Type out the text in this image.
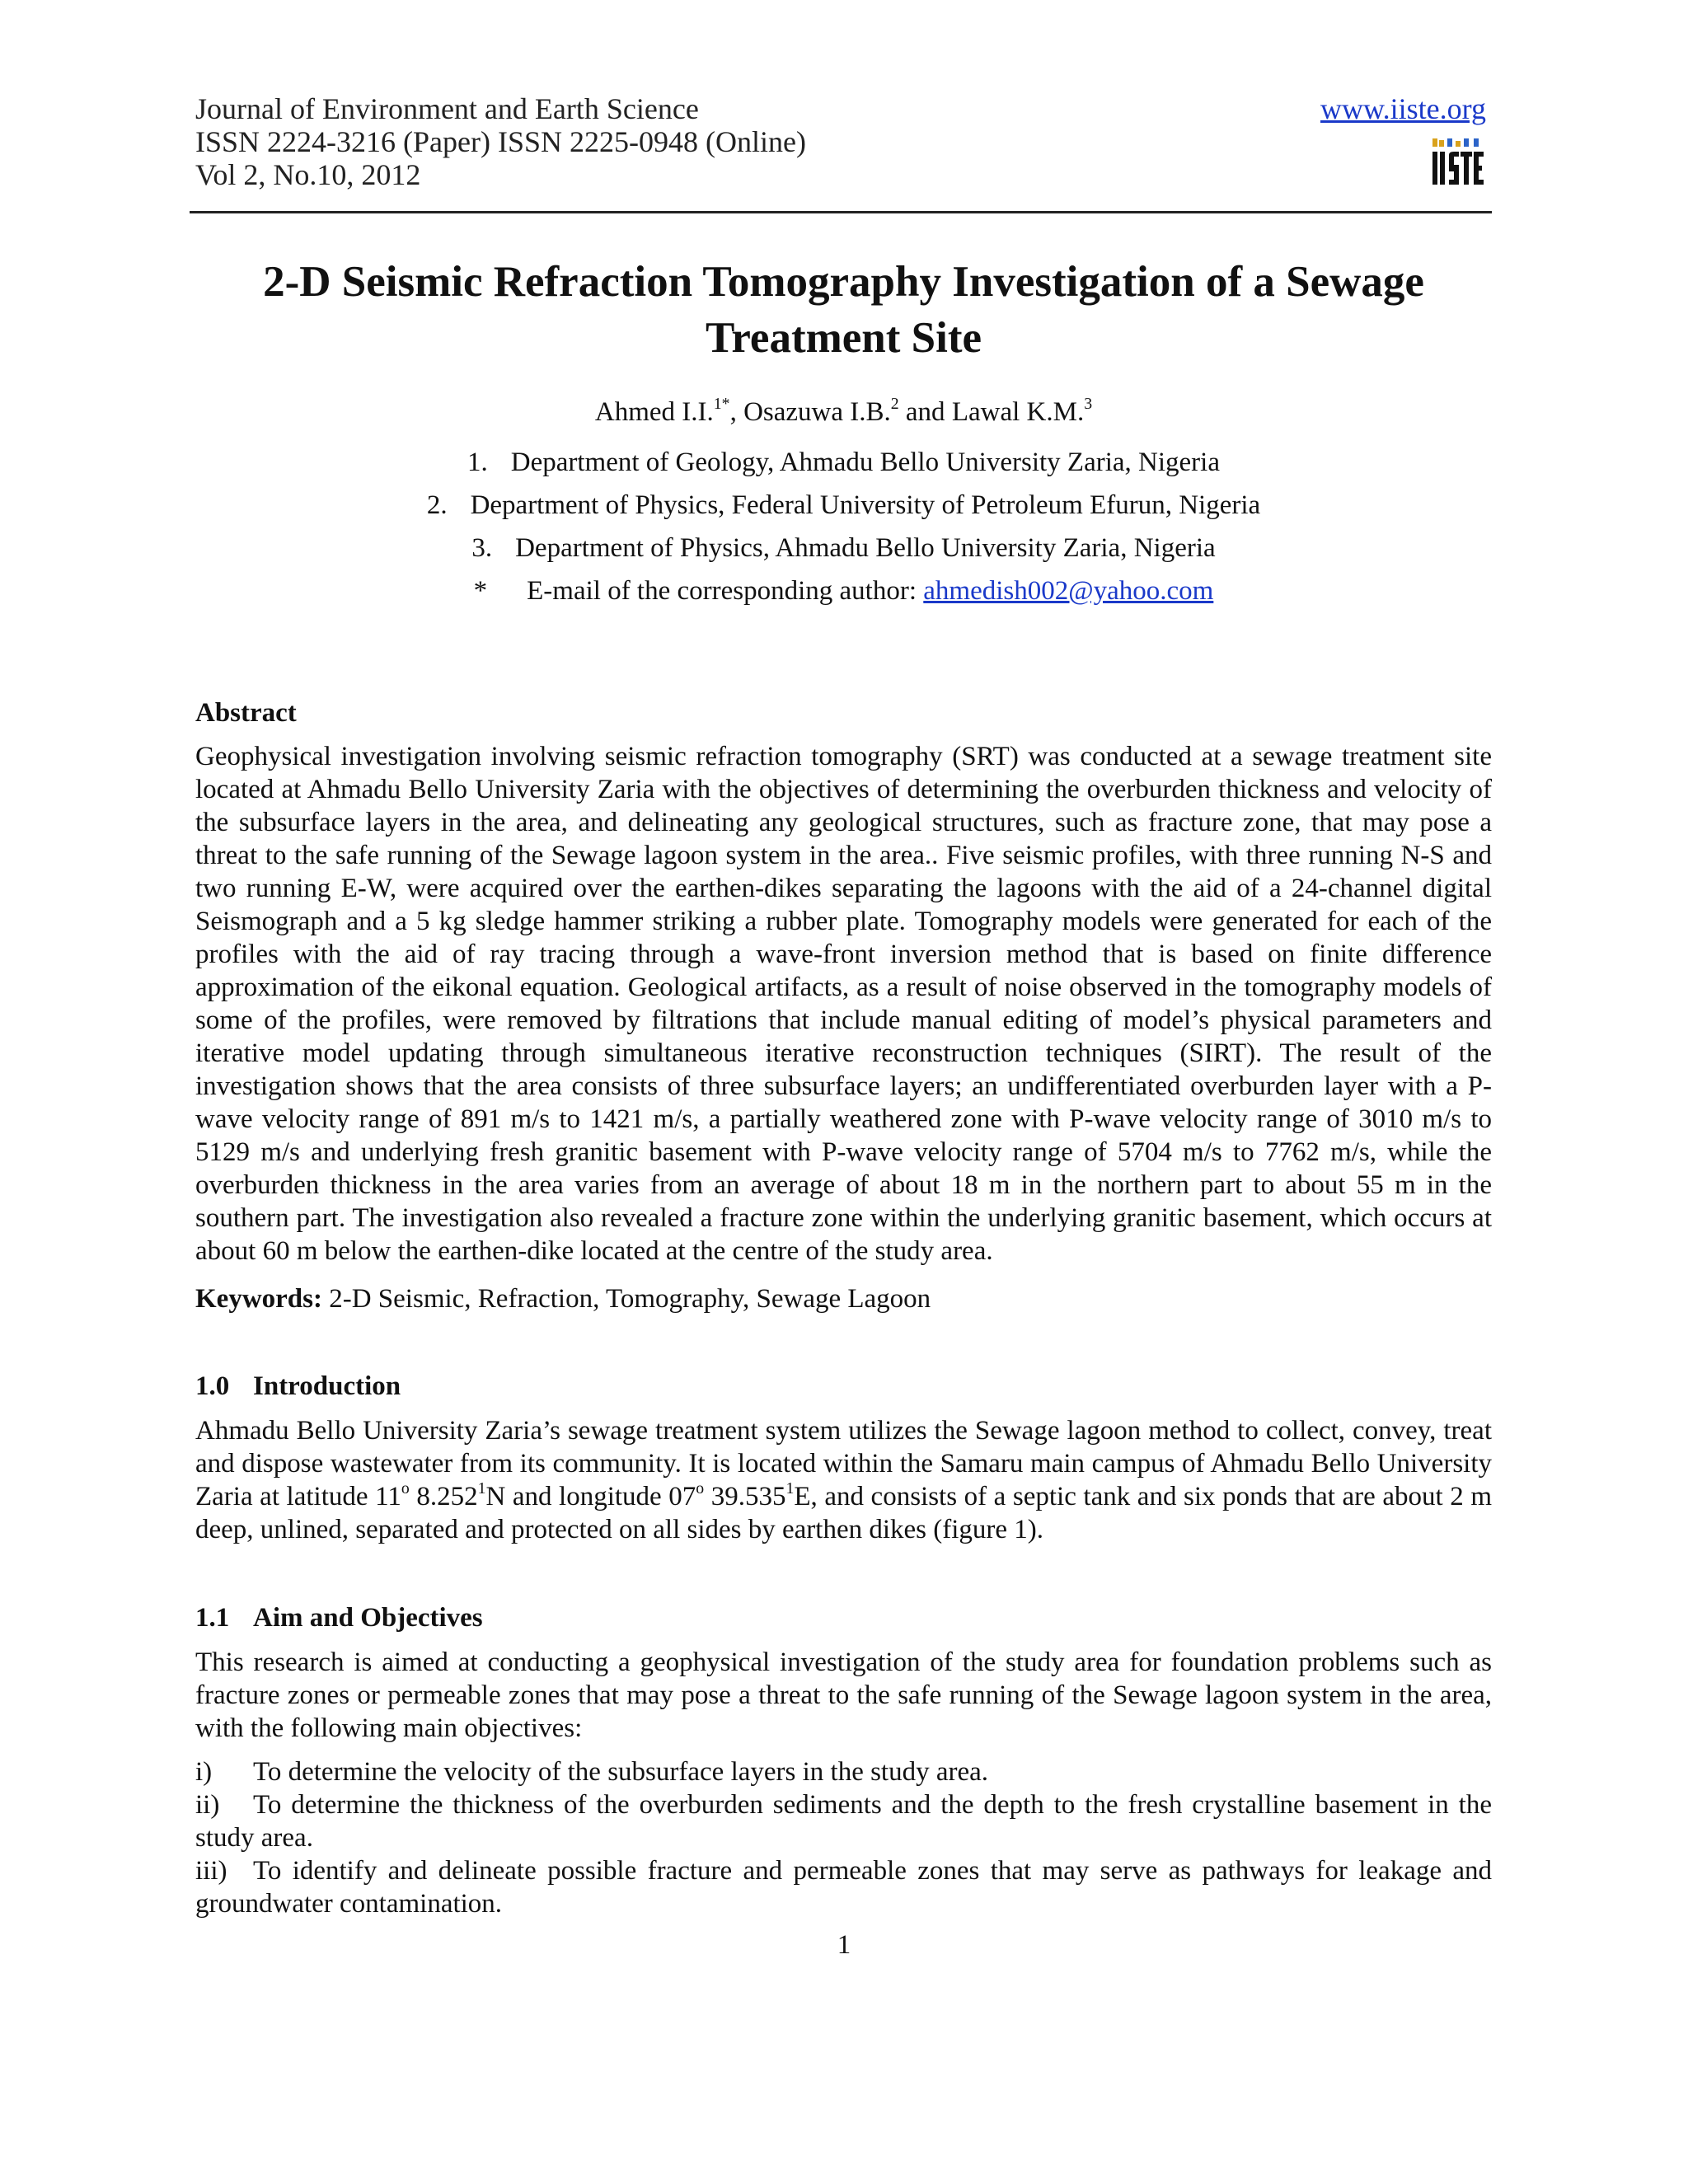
Journal of Environment and Earth Science
ISSN 2224-3216 (Paper) ISSN 2225-0948 (Online)
Vol 2, No.10, 2012
www.iiste.org
2-D Seismic Refraction Tomography Investigation of a Sewage Treatment Site
Ahmed I.I.$^{1*}$, Osazuwa I.B.$^2$ and Lawal K.M.$^3$
1. Department of Geology, Ahmadu Bello University Zaria, Nigeria
2. Department of Physics, Federal University of Petroleum Efurun, Nigeria
3. Department of Physics, Ahmadu Bello University Zaria, Nigeria
* E-mail of the corresponding author: ahmedish002@yahoo.com
Abstract
Geophysical investigation involving seismic refraction tomography (SRT) was conducted at a sewage treatment site located at Ahmadu Bello University Zaria with the objectives of determining the overburden thickness and velocity of the subsurface layers in the area, and delineating any geological structures, such as fracture zone, that may pose a threat to the safe running of the Sewage lagoon system in the area.. Five seismic profiles, with three running N-S and two running E-W, were acquired over the earthen-dikes separating the lagoons with the aid of a 24-channel digital Seismograph and a 5 kg sledge hammer striking a rubber plate. Tomography models were generated for each of the profiles with the aid of ray tracing through a wave-front inversion method that is based on finite difference approximation of the eikonal equation. Geological artifacts, as a result of noise observed in the tomography models of some of the profiles, were removed by filtrations that include manual editing of model’s physical parameters and iterative model updating through simultaneous iterative reconstruction techniques (SIRT). The result of the investigation shows that the area consists of three subsurface layers; an undifferentiated overburden layer with a P-wave velocity range of 891 m/s to 1421 m/s, a partially weathered zone with P-wave velocity range of 3010 m/s to 5129 m/s and underlying fresh granitic basement with P-wave velocity range of 5704 m/s to 7762 m/s, while the overburden thickness in the area varies from an average of about 18 m in the northern part to about 55 m in the southern part. The investigation also revealed a fracture zone within the underlying granitic basement, which occurs at about 60 m below the earthen-dike located at the centre of the study area.
Keywords: 2-D Seismic, Refraction, Tomography, Sewage Lagoon
1.0 Introduction
Ahmadu Bello University Zaria’s sewage treatment system utilizes the Sewage lagoon method to collect, convey, treat and dispose wastewater from its community. It is located within the Samaru main campus of Ahmadu Bello University Zaria at latitude 11$^o$ 8.252$^1$N and longitude 07$^o$ 39.535$^1$E, and consists of a septic tank and six ponds that are about 2 m deep, unlined, separated and protected on all sides by earthen dikes (figure 1).
1.1 Aim and Objectives
This research is aimed at conducting a geophysical investigation of the study area for foundation problems such as fracture zones or permeable zones that may pose a threat to the safe running of the Sewage lagoon system in the area, with the following main objectives:

i) To determine the velocity of the subsurface layers in the study area.

ii) To determine the thickness of the overburden sediments and the depth to the fresh crystalline basement in the study area.

iii) To identify and delineate possible fracture and permeable zones that may serve as pathways for leakage and groundwater contamination.

1
